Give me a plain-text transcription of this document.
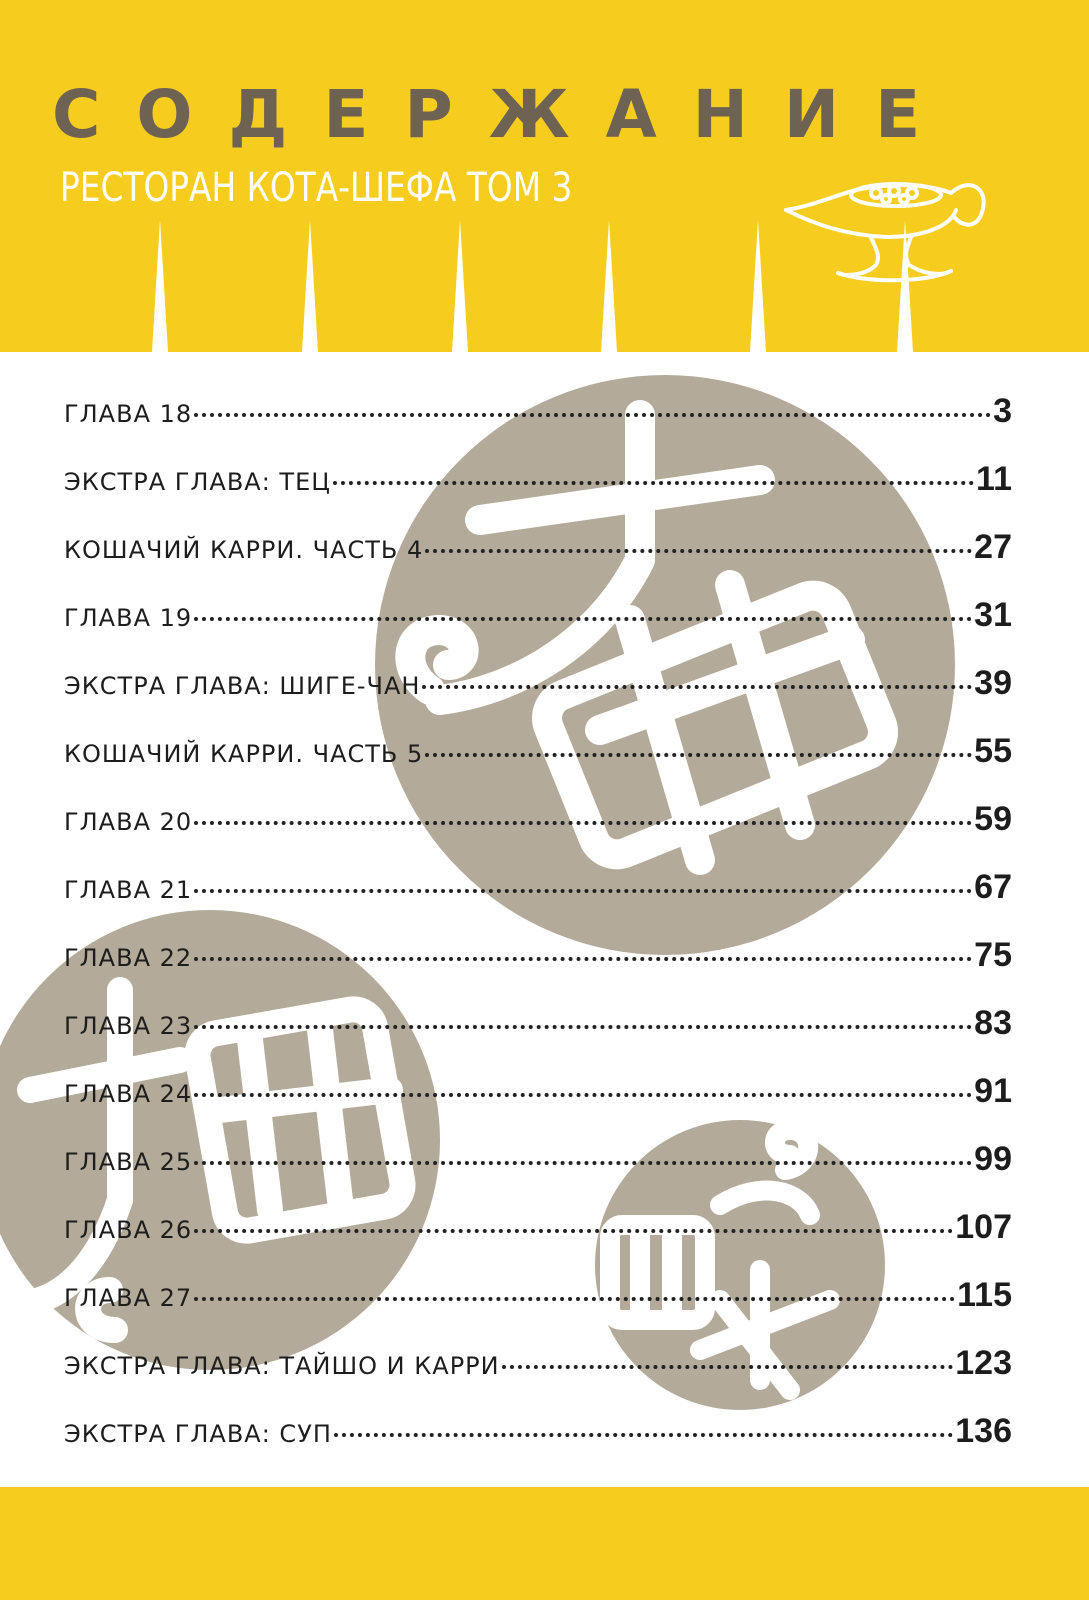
СОДЕРЖАНИЕ
РЕСТОРАН КОТА-ШЕФА ТОМ 3
ГЛАВА 18	3
ЭКСТРА ГЛАВА: ТЕЦ	11
КОШАЧИЙ КАРРИ. ЧАСТЬ 4	27
ГЛАВА 19	31
ЭКСТРА ГЛАВА: ШИГЕ-ЧАН	39
КОШАЧИЙ КАРРИ. ЧАСТЬ 5	55
ГЛАВА 20	59
ГЛАВА 21	67
ГЛАВА 22	75
ГЛАВА 23	83
ГЛАВА 24	91
ГЛАВА 25	99
ГЛАВА 26	107
ГЛАВА 27	115
ЭКСТРА ГЛАВА: ТАЙШО И КАРРИ	123
ЭКСТРА ГЛАВА: СУП	136
